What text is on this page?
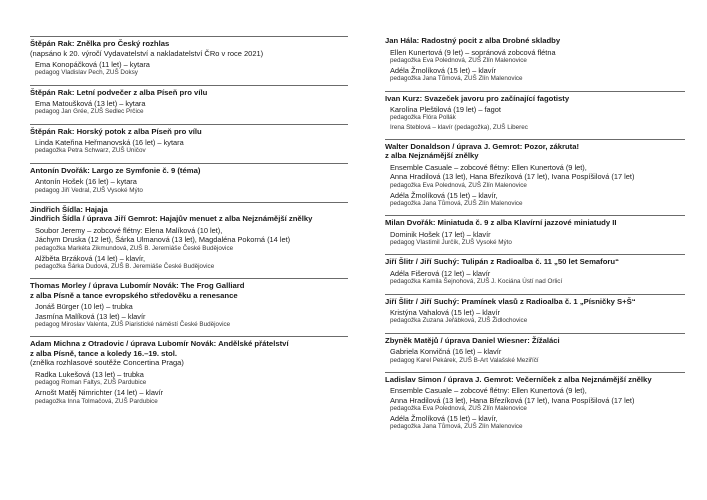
Štěpán Rak: Znělka pro Český rozhlas
(napsáno k 20. výročí Vydavatelství a nakladatelství ČRo v roce 2021)
Ema Konopáčková (11 let) – kytara
pedagog Vladislav Pech, ZUŠ Doksy
Štěpán Rak: Letní podvečer z alba Píseň pro vílu
Ema Matoušková (13 let) – kytara
pedagog Jan Grée, ZUŠ Sedlec Prčice
Štěpán Rak: Horský potok z alba Píseň pro vílu
Linda Kateřina Heřmanovská (16 let) – kytara
pedagožka Petra Schwarz, ZUŠ Uničov
Antonín Dvořák: Largo ze Symfonie č. 9 (téma)
Antonín Hošek (16 let) – kytara
pedagog Jiří Vedral, ZUŠ Vysoké Mýto
Jindřich Šídla: Hajaja
Jindřich Šídla / úprava Jiří Gemrot: Hajajův menuet z alba Nejznámější znělky
Soubor Jeremy – zobcové flétny: Elena Malíková (10 let),
Jáchym Druska (12 let), Šárka Ulmanová (13 let), Magdaléna Pokorná (14 let)
pedagožka Markéta Zikmundová, ZUŠ B. Jeremiáše České Budějovice
Alžběta Brzáková (14 let) – klavír,
pedagožka Šárka Dudová, ZUŠ B. Jeremiáše České Budějovice
Thomas Morley / úprava Lubomír Novák: The Frog Galliard
z alba Písně a tance evropského středověku a renesance
Jonáš Bürger (10 let) – trubka
Jasmína Malíková (13 let) – klavír
pedagog Miroslav Valenta, ZUŠ Piaristické náměstí České Budějovice
Adam Michna z Otradovic / úprava Lubomír Novák: Andělské přátelství
z alba Písně, tance a koledy 16.–19. stol.
(znělka rozhlasové soutěže Concertina Praga)
Radka Lukešová (13 let) – trubka
pedagog Roman Faltys, ZUŠ Pardubice
Arnošt Matěj Nimrichter (14 let) – klavír
pedagožka Inna Tolmačová, ZUŠ Pardubice
Jan Hála: Radostný pocit z alba Drobné skladby
Ellen Kunertová (9 let) – sopránová zobcová flétna
pedagožka Eva Polednová, ZUŠ Zlín Malenovice
Adéla Žmolíková (15 let) – klavír
pedagožka Jana Tůmová, ZUŠ Zlín Malenovice
Ivan Kurz: Svazeček javoru pro začínající fagotisty
Karolína Pleštilová (19 let) – fagot
pedagožka Flóra Pollák
Irena Steblová – klavír (pedagožka), ZUŠ Liberec
Walter Donaldson / úprava J. Gemrot: Pozor, zákruta!
z alba Nejznámější znělky
Ensemble Casuale – zobcové flétny: Ellen Kunertová (9 let),
Anna Hradilová (13 let), Hana Březíková (17 let), Ivana Pospíšilová (17 let)
pedagožka Eva Polednová, ZUŠ Zlín Malenovice
Adéla Žmolíková (15 let) – klavír,
pedagožka Jana Tůmová, ZUŠ Zlín Malenovice
Milan Dvořák: Miniatuda č. 9 z alba Klavírní jazzové miniatudy II
Dominik Hošek (17 let) – klavír
pedagog Vlastimil Jurčík, ZUŠ Vysoké Mýto
Jiří Šlitr / Jiří Suchý: Tulipán z Radioalba č. 11 „50 let Semaforu“
Adéla Fišerová (12 let) – klavír
pedagožka Kamila Šejnohová, ZUŠ J. Kociána Ústí nad Orlicí
Jiří Šlitr / Jiří Suchý: Pramínek vlasů z Radioalba č. 1 „Písničky S+Š“
Kristýna Vahalová (15 let) – klavír
pedagožka Zuzana Jeřábková, ZUŠ Židlochovice
Zbyněk Matějů / úprava Daniel Wiesner: Žížaláci
Gabriela Konvičná (16 let) – klavír
pedagog Karel Pekárek, ZUŠ B-Art Valašské Meziříčí
Ladislav Simon / úprava J. Gemrot: Večerníček z alba Nejznámější znělky
Ensemble Casuale – zobcové flétny: Ellen Kunertová (9 let),
Anna Hradilová (13 let), Hana Březíková (17 let), Ivana Pospíšilová (17 let)
pedagožka Eva Polednová, ZUŠ Zlín Malenovice
Adéla Žmolíková (15 let) – klavír,
pedagožka Jana Tůmová, ZUŠ Zlín Malenovice
